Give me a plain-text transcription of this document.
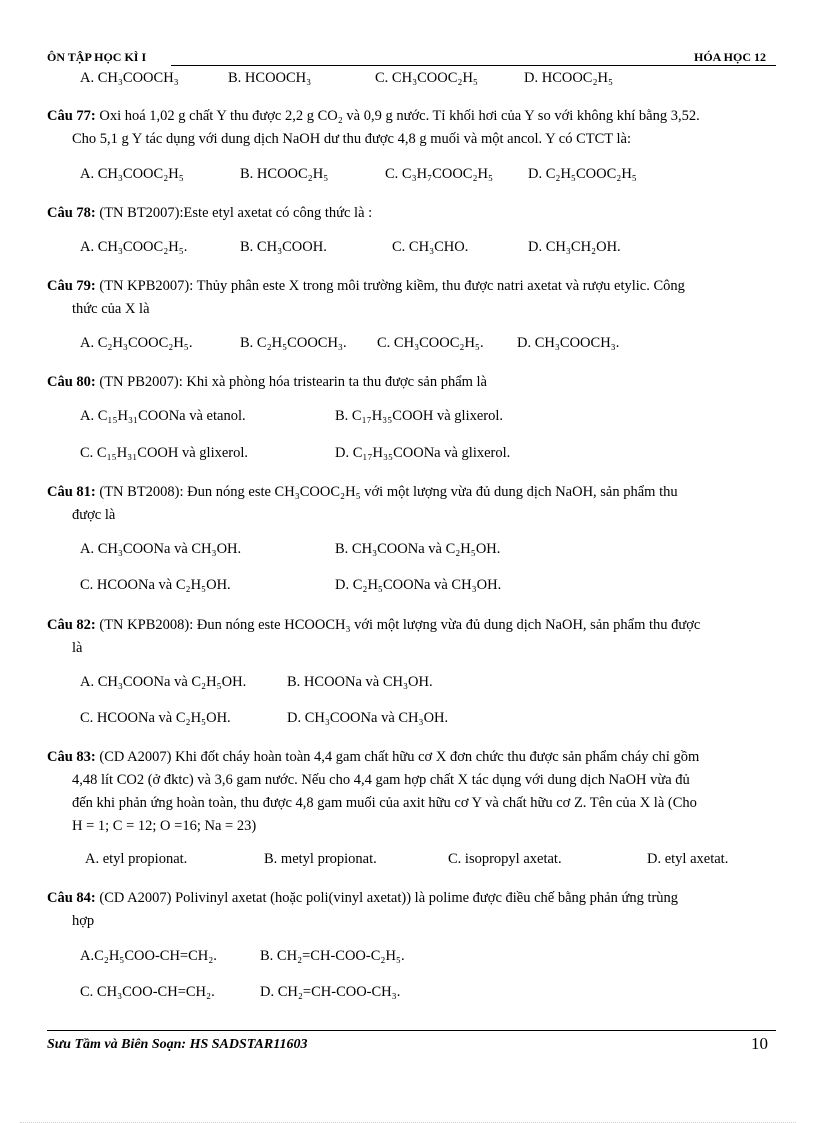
ÔN TẬP HỌC KÌ I	HÓA HỌC 12
A. CH₃COOCH₃	B. HCOOCH₃	C. CH₃COOC₂H₅	D. HCOOC₂H₅
Câu 77: Oxi hoá 1,02 g chất Y thu được 2,2 g CO₂ và 0,9 g nước. Tỉ khối hơi của Y so với không khí bằng 3,52.
Cho 5,1 g Y tác dụng với dung dịch NaOH dư thu được 4,8 g muối và một ancol. Y có CTCT là:
A. CH₃COOC₂H₅	B. HCOOC₂H₅	C. C₃H₇COOC₂H₅ D. C₂H₅COOC₂H₅
Câu 78: (TN BT2007):Este etyl axetat có công thức là :
A. CH₃COOC₂H₅.	B. CH₃COOH.	C. CH₃CHO.	D. CH₃CH₂OH.
Câu 79: (TN KPB2007): Thủy phân este X trong môi trường kiềm, thu được natri axetat và rượu etylic. Công
thức của X là
A. C₂H₃COOC₂H₅.	B. C₂H₅COOCH₃. C. CH₃COOC₂H₅. D. CH₃COOCH₃.
Câu 80: (TN PB2007): Khi xà phòng hóa tristearin ta thu được sản phẩm là
A. C₁₅H₃₁COONa và etanol.	B. C₁₇H₃₅COOH và glixerol.
C. C₁₅H₃₁COOH và glixerol.	D. C₁₇H₃₅COONa và glixerol.
Câu 81: (TN BT2008): Đun nóng este CH₃COOC₂H₅ với một lượng vừa đủ dung dịch NaOH, sản phẩm thu
được là
A. CH₃COONa và CH₃OH.	B. CH₃COONa và C₂H₅OH.
C. HCOONa và C₂H₅OH.	D. C₂H₅COONa và CH₃OH.
Câu 82: (TN KPB2008): Đun nóng este HCOOCH₃ với một lượng vừa đủ dung dịch NaOH, sản phẩm thu được
là
A. CH₃COONa và C₂H₅OH.	B. HCOONa và CH₃OH.
C. HCOONa và C₂H₅OH.	D. CH₃COONa và CH₃OH.
Câu 83: (CD A2007) Khi đốt cháy hoàn toàn 4,4 gam chất hữu cơ X đơn chức thu được sản phẩm cháy chỉ gồm
4,48 lít CO2 (ở đktc) và 3,6 gam nước. Nếu cho 4,4 gam hợp chất X tác dụng với dung dịch NaOH vừa đủ
đến khi phản ứng hoàn toàn, thu được 4,8 gam muối của axit hữu cơ Y và chất hữu cơ Z. Tên của X là (Cho
H = 1; C = 12; O =16; Na = 23)
A. etyl propionat.	B. metyl propionat.	C. isopropyl axetat.	D. etyl axetat.
Câu 84: (CD A2007) Polivinyl axetat (hoặc poli(vinyl axetat)) là polime được điều chế bằng phản ứng trùng
hợp
A.C₂H₅COO-CH=CH₂.	B. CH₂=CH-COO-C₂H₅.
C. CH₃COO-CH=CH₂.	D. CH₂=CH-COO-CH₃.
Sưu Tầm và Biên Soạn: HS SADSTAR11603	10
